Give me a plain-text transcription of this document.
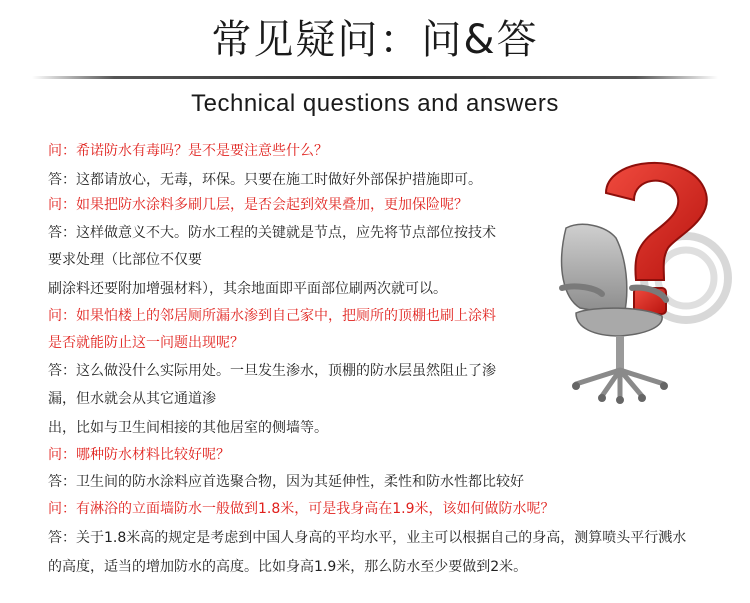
常见疑问：问&答
Technical questions and answers
问：希诺防水有毒吗？是不是要注意些什么？
答：这都请放心，无毒，环保。只要在施工时做好外部保护措施即可。
问：如果把防水涂料多刷几层，是否会起到效果叠加，更加保险呢？
答：这样做意义不大。防水工程的关键就是节点，应先将节点部位按技术
要求处理（比部位不仅要
刷涂料还要附加增强材料），其余地面即平面部位刷两次就可以。
问：如果怕楼上的邻居厕所漏水渗到自己家中，把厕所的顶棚也刷上涂料
是否就能防止这一问题出现呢？
答：这么做没什么实际用处。一旦发生渗水，顶棚的防水层虽然阻止了渗
漏，但水就会从其它通道渗
出，比如与卫生间相接的其他居室的侧墙等。
问：哪种防水材料比较好呢？
答：卫生间的防水涂料应首选聚合物，因为其延伸性，柔性和防水性都比较好
问：有淋浴的立面墙防水一般做到1.8米，可是我身高在1.9米，该如何做防水呢？
答：关于1.8米高的规定是考虑到中国人身高的平均水平，业主可以根据自己的身高，测算喷头平行溅水
的高度，适当的增加防水的高度。比如身高1.9米，那么防水至少要做到2米。
